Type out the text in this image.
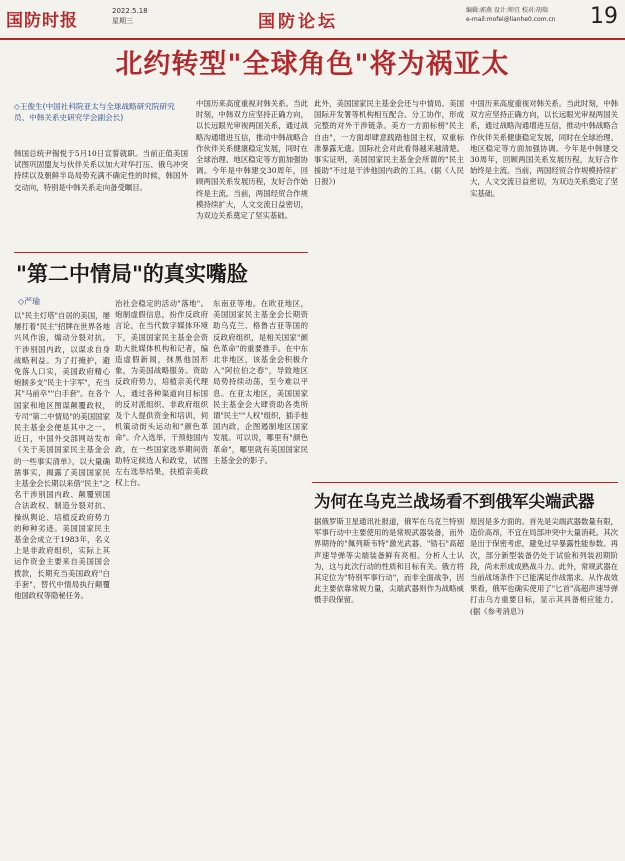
国防时报	2022.5.18
星期三	国防论坛
编辑:郭燕 设计:师宜 校对:胡瑞
e-mail:mofei@lianhe0.com.cn 19
北约转型"全球角色"将为祸亚太
◇王俊生(中国社科院亚太与全球战略研究院研究员、中韩关系史研究学会副会长)
韩国总统尹锡悦于5月10日宣誓就职。当前正值美国试图巩固盟友与伙伴关系以加大对华打压、俄乌冲突持续以及朝鲜半岛局势充满不确定性的时候，韩国外交动向，特别是中韩关系走向备受瞩目。
中国历来高度重视对韩关系。当此时刻，中韩双方应坚持正确方向，以长远眼光审视两国关系，通过战略沟通增进互信，推动中韩战略合作伙伴关系健康稳定发展，同时在全球治理、地区稳定等方面加强协调。今年是中韩建交30周年，回顾两国关系发展历程，友好合作始终是主流。当前，两国经贸合作规模持续扩大，人文交流日益密切，为双边关系奠定了坚实基础。
"第二中情局"的真实嘴脸
◇严瑜
以"民主灯塔"自居的美国，屡屡打着"民主"招牌在世界各地兴风作浪，煽动分裂对抗，干涉别国内政，以谋求自身战略利益。为了打掩护，避免落人口实，美国政府精心炮制多支"民主十字军"，充当其"马前卒""白手套"。在各个国家和地区图谋颠覆政权，专司"第二中情局"的美国国家民主基金会便是其中之一。近日，中国外交部网站发布《关于美国国家民主基金会的一些事实清单》，以大量确凿事实，揭露了美国国家民主基金会长期以来借"民主"之名干涉别国内政、颠覆别国合法政权、制造分裂对抗、操纵舆论、培植反政府势力的种种劣迹。美国国家民主基金会成立于1983年，名义上是非政府组织，实际上其运作资金主要来自美国国会拨款，长期充当美国政府"白手套"，替代中情局执行颠覆他国政权等隐秘任务。
治社会稳定的活动"落地"。炮制虚假信息，扮作反政府言论，在当代数字媒体环境下，美国国家民主基金会资助大批媒体机构和记者，编造虚假新闻，抹黑他国形象，为美国战略服务。资助反政府势力，培植亲美代理人，通过各种渠道向目标国的反对派组织、非政府组织及个人提供资金和培训，伺机策动街头运动和"颜色革命"。介入选举，干预他国内政，在一些国家选举期间资助特定候选人和政党，试图左右选举结果，扶植亲美政权上台。
东南亚等地。在欧亚地区，美国国家民主基金会长期资助乌克兰、格鲁吉亚等国的反政府组织，是相关国家"颜色革命"的重要推手。在中东北非地区，该基金会积极介入"阿拉伯之春"，导致地区局势持续动荡，至今难以平息。在亚太地区，美国国家民主基金会大肆资助各类所谓"民主""人权"组织，插手他国内政，企图遏制地区国家发展。可以说，哪里有"颜色革命"，哪里就有美国国家民主基金会的影子。
此外，美国国家民主基金会还与中情局、美国国际开发署等机构相互配合、分工协作，形成完整的对外干涉链条。美方一方面标榜"民主自由"，一方面却肆意践踏他国主权，双重标准暴露无遗。国际社会对此看得越来越清楚。事实证明，美国国家民主基金会所谓的"民主援助"不过是干涉他国内政的工具。(据《人民日报》)
中国历来高度重视对韩关系。当此时刻，中韩双方应坚持正确方向，以长远眼光审视两国关系，通过战略沟通增进互信，推动中韩战略合作伙伴关系健康稳定发展，同时在全球治理、地区稳定等方面加强协调。今年是中韩建交30周年，回顾两国关系发展历程，友好合作始终是主流。当前，两国经贸合作规模持续扩大，人文交流日益密切，为双边关系奠定了坚实基础。
为何在乌克兰战场看不到俄军尖端武器
据俄罗斯卫星通讯社报道，俄军在乌克兰特别军事行动中主要使用的是常规武器装备，而外界期待的"佩列斯韦特"激光武器、"锆石"高超声速导弹等尖端装备鲜有亮相。分析人士认为，这与此次行动的性质和目标有关。俄方将其定位为"特别军事行动"，而非全面战争，因此主要依靠常规力量，尖端武器则作为战略威慑手段保留。
原因是多方面的。首先是尖端武器数量有限，造价高昂，不宜在局部冲突中大量消耗。其次是出于保密考虑，避免过早暴露性能参数。再次，部分新型装备仍处于试验和列装初期阶段，尚未形成成熟战斗力。此外，常规武器在当前战场条件下已能满足作战需求。从作战效果看，俄军也确实使用了"匕首"高超声速导弹打击乌方重要目标，显示其具备相应能力。(据《参考消息》)
